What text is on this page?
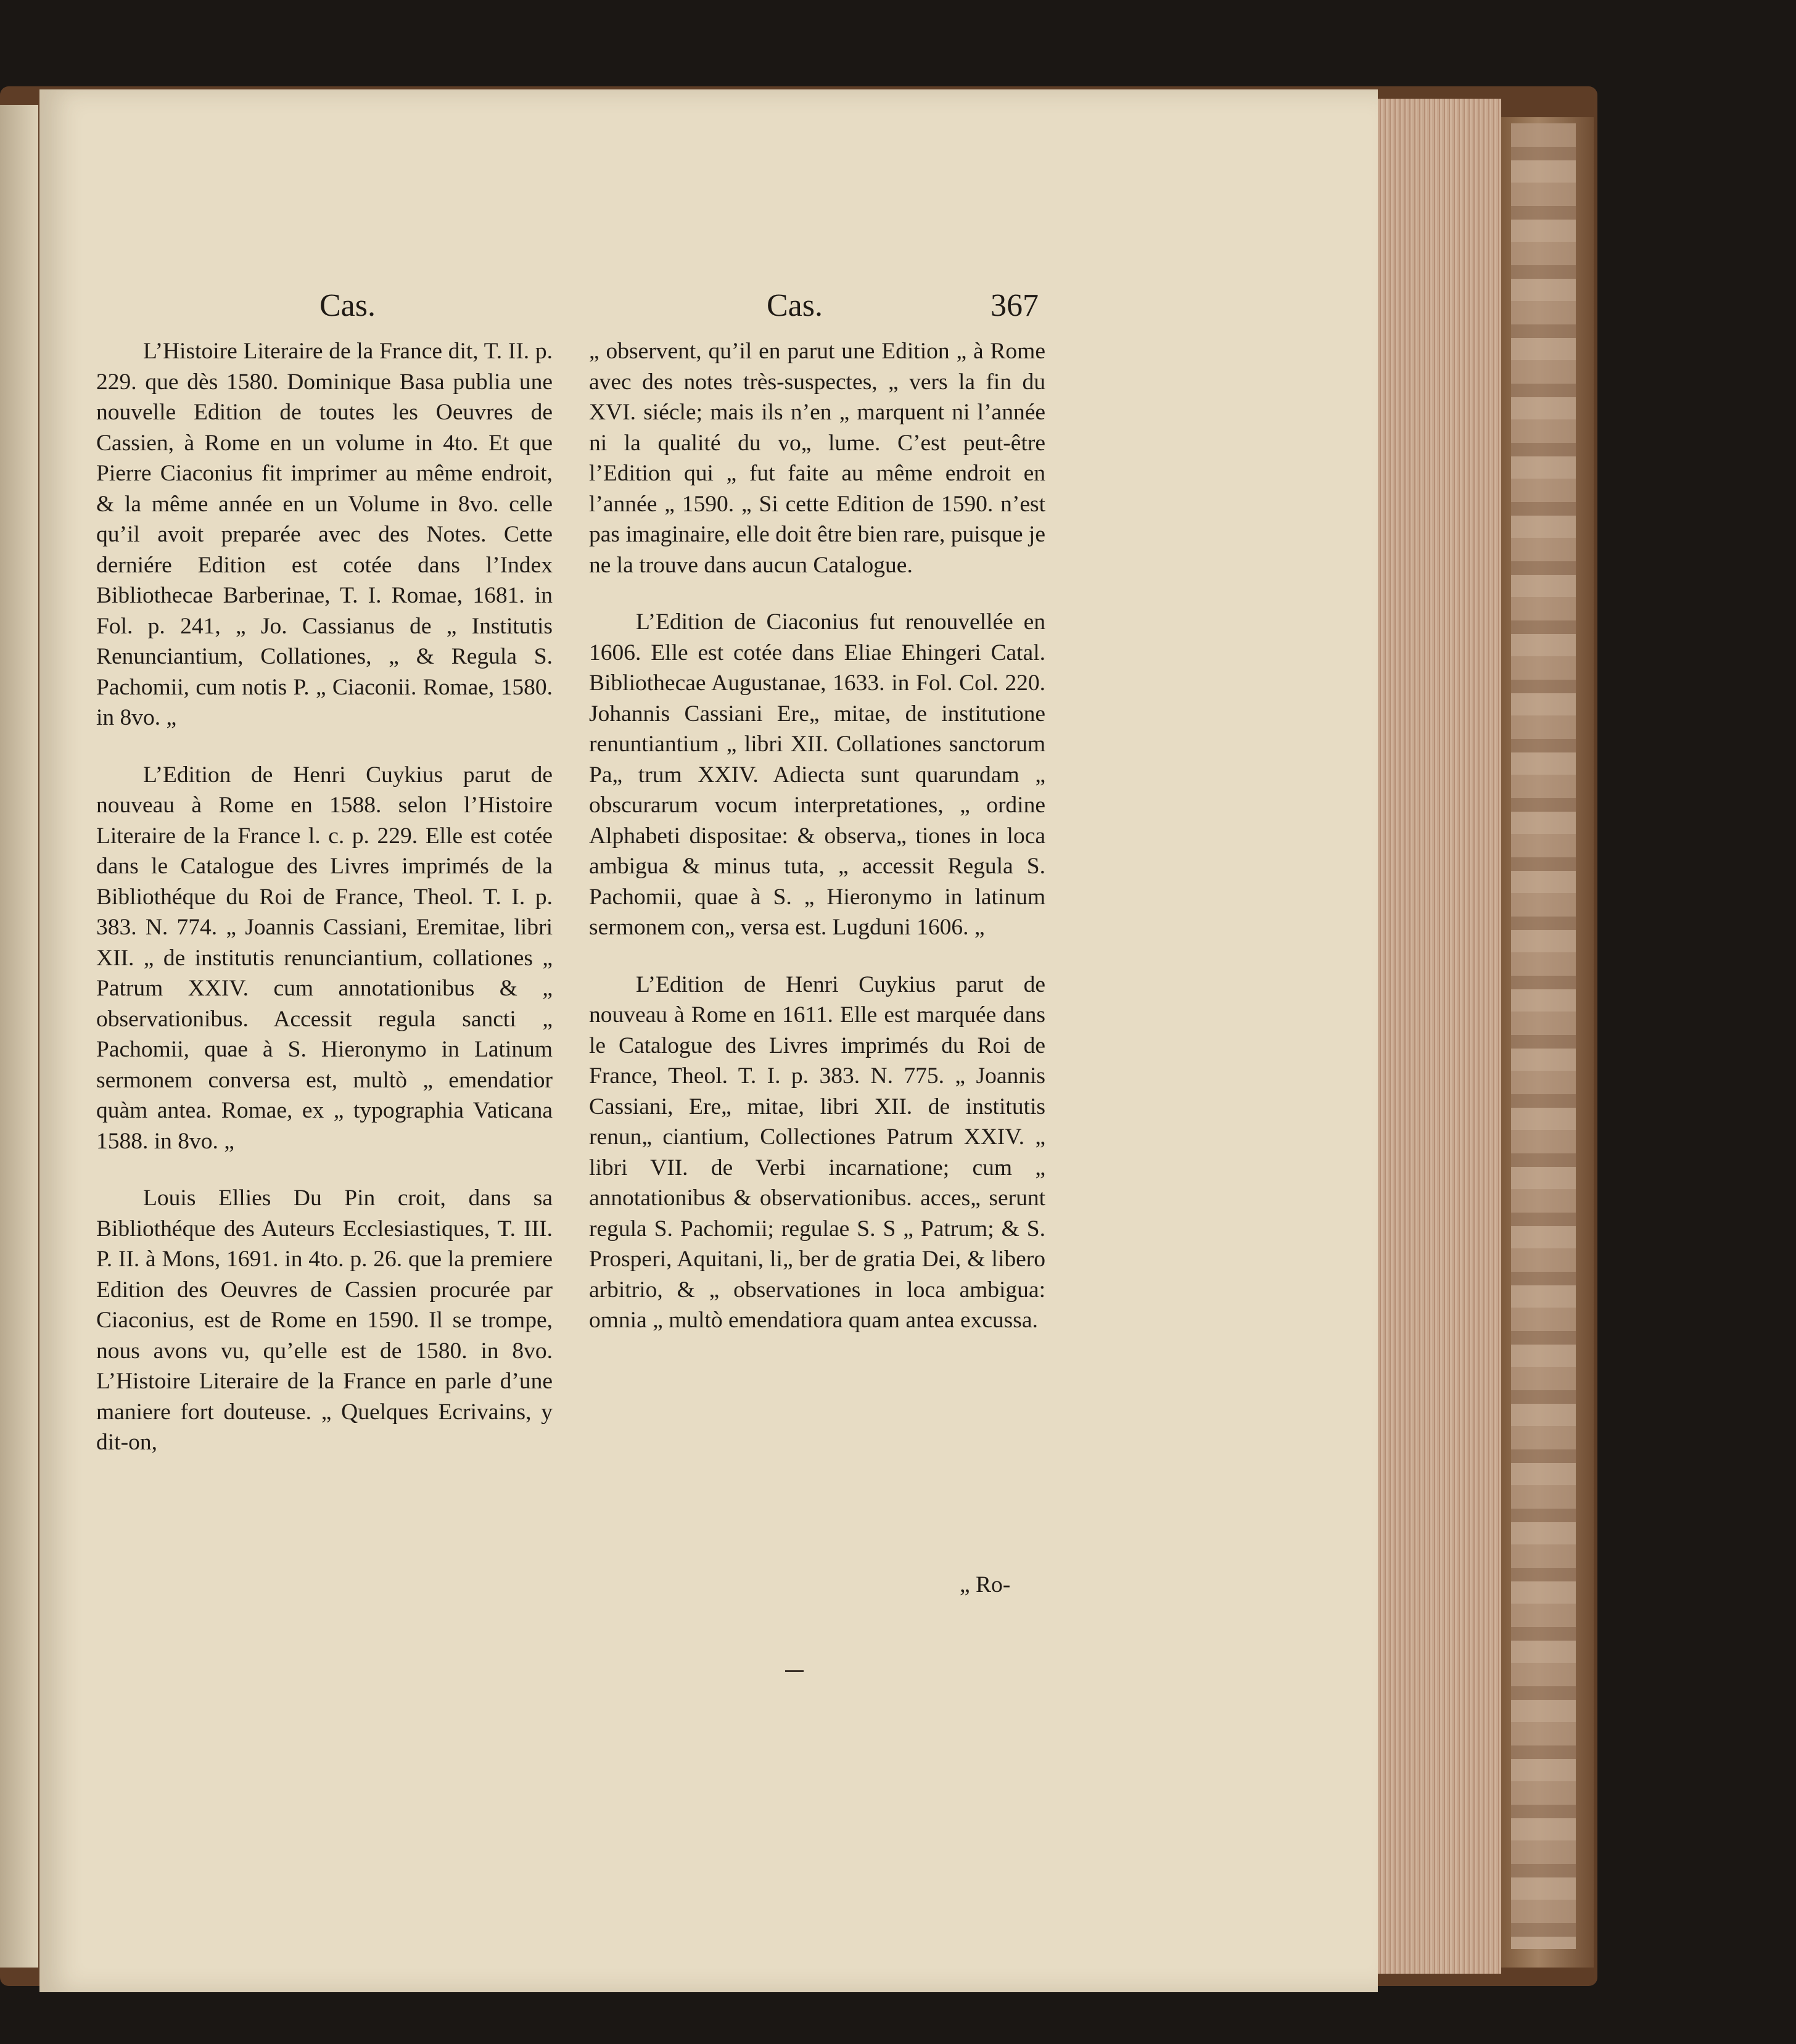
Cas.	Cas.	367

L’Histoire Literaire de la France dit, T. II. p. 229. que dès 1580. Dominique Basa publia une nouvelle Edition de toutes les Oeuvres de Cassien, à Rome en un volume in 4to. Et que Pierre Ciaconius fit imprimer au même endroit, & la même année en un Volume in 8vo. celle qu’il avoit preparée avec des Notes. Cette derniére Edition est cotée dans l’Index Bibliothecae Barberinae, T. I. Romae, 1681. in Fol. p. 241, „ Jo. Cassianus de „ Institutis Renunciantium, Collationes, „ & Regula S. Pachomii, cum notis P. „ Ciaconii. Romae, 1580. in 8vo. „

L’Edition de Henri Cuykius parut de nouveau à Rome en 1588. selon l’Histoire Literaire de la France l. c. p. 229. Elle est cotée dans le Catalogue des Livres imprimés de la Bibliothéque du Roi de France, Theol. T. I. p. 383. N. 774. „ Joannis Cassiani, Eremitae, libri XII. „ de institutis renunciantium, collationes „ Patrum XXIV. cum annotationibus & „ observationibus. Accessit regula sancti „ Pachomii, quae à S. Hieronymo in Latinum sermonem conversa est, multò „ emendatior quàm antea. Romae, ex „ typographia Vaticana 1588. in 8vo. „

Louis Ellies Du Pin croit, dans sa Bibliothéque des Auteurs Ecclesiastiques, T. III. P. II. à Mons, 1691. in 4to. p. 26. que la premiere Edition des Oeuvres de Cassien procurée par Ciaconius, est de Rome en 1590. Il se trompe, nous avons vu, qu’elle est de 1580. in 8vo. L’Histoire Literaire de la France en parle d’une maniere fort douteuse. „ Quelques Ecrivains, y dit-on,

„ observent, qu’il en parut une Edition „ à Rome avec des notes très-suspectes, „ vers la fin du XVI. siécle; mais ils n’en „ marquent ni l’année ni la qualité du vo„ lume. C’est peut-être l’Edition qui „ fut faite au même endroit en l’année „ 1590. „ Si cette Edition de 1590. n’est pas imaginaire, elle doit être bien rare, puisque je ne la trouve dans aucun Catalogue.

L’Edition de Ciaconius fut renouvellée en 1606. Elle est cotée dans Eliae Ehingeri Catal. Bibliothecae Augustanae, 1633. in Fol. Col. 220. Johannis Cassiani Ere„ mitae, de institutione renuntiantium „ libri XII. Collationes sanctorum Pa„ trum XXIV. Adiecta sunt quarundam „ obscurarum vocum interpretationes, „ ordine Alphabeti dispositae: & observa„ tiones in loca ambigua & minus tuta, „ accessit Regula S. Pachomii, quae à S. „ Hieronymo in latinum sermonem con„ versa est. Lugduni 1606. „

L’Edition de Henri Cuykius parut de nouveau à Rome en 1611. Elle est marquée dans le Catalogue des Livres imprimés du Roi de France, Theol. T. I. p. 383. N. 775. „ Joannis Cassiani, Ere„ mitae, libri XII. de institutis renun„ ciantium, Collectiones Patrum XXIV. „ libri VII. de Verbi incarnatione; cum „ annotationibus & observationibus. acces„ serunt regula S. Pachomii; regulae S. S „ Patrum; & S. Prosperi, Aquitani, li„ ber de gratia Dei, & libero arbitrio, & „ observationes in loca ambigua: omnia „ multò emendatiora quam antea excussa.

„ Ro-
